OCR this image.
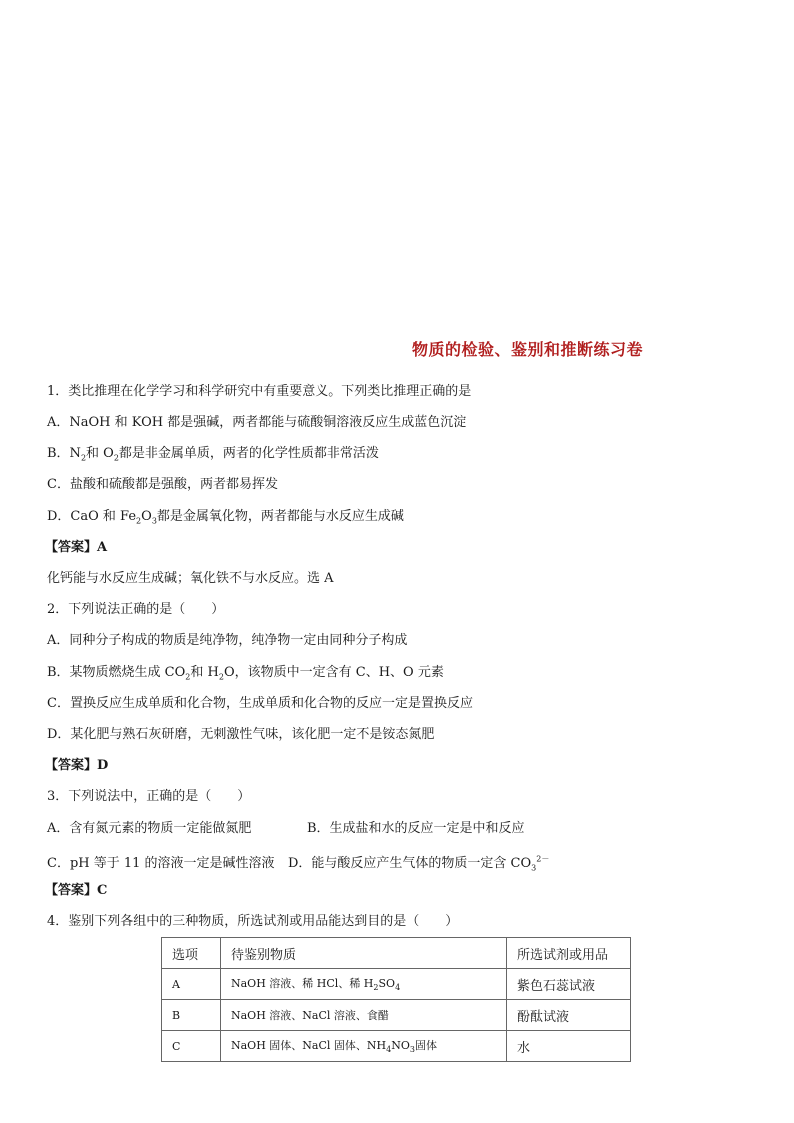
物质的检验、鉴别和推断练习卷
1．类比推理在化学学习和科学研究中有重要意义。下列类比推理正确的是
A．NaOH 和 KOH 都是强碱，两者都能与硫酸铜溶液反应生成蓝色沉淀
B．$N_2$和 $O_2$都是非金属单质，两者的化学性质都非常活泼
C．盐酸和硫酸都是强酸，两者都易挥发
D．CaO 和 $Fe_2O_3$都是金属氧化物，两者都能与水反应生成碱
【答案】A
化钙能与水反应生成碱；氧化铁不与水反应。选 A
2．下列说法正确的是（　　）
A．同种分子构成的物质是纯净物，纯净物一定由同种分子构成
B．某物质燃烧生成 $CO_2$和 $H_2O$，该物质中一定含有 C、H、O 元素
C．置换反应生成单质和化合物，生成单质和化合物的反应一定是置换反应
D．某化肥与熟石灰研磨，无刺激性气味，该化肥一定不是铵态氮肥
【答案】D
3．下列说法中，正确的是（　　）
A．含有氮元素的物质一定能做氮肥	B．生成盐和水的反应一定是中和反应
C．pH 等于 11 的溶液一定是碱性溶液 D．能与酸反应产生气体的物质一定含 $CO_3^{2-}$
【答案】C
4．鉴别下列各组中的三种物质，所选试剂或用品能达到目的是（　　）
选项	待鉴别物质	所选试剂或用品
A	NaOH 溶液、稀 HCl、稀 $H_2SO_4$	紫色石蕊试液
B	NaOH 溶液、NaCl 溶液、食醋	酚酞试液
C	NaOH 固体、NaCl 固体、$NH_4NO_3$固体	水
